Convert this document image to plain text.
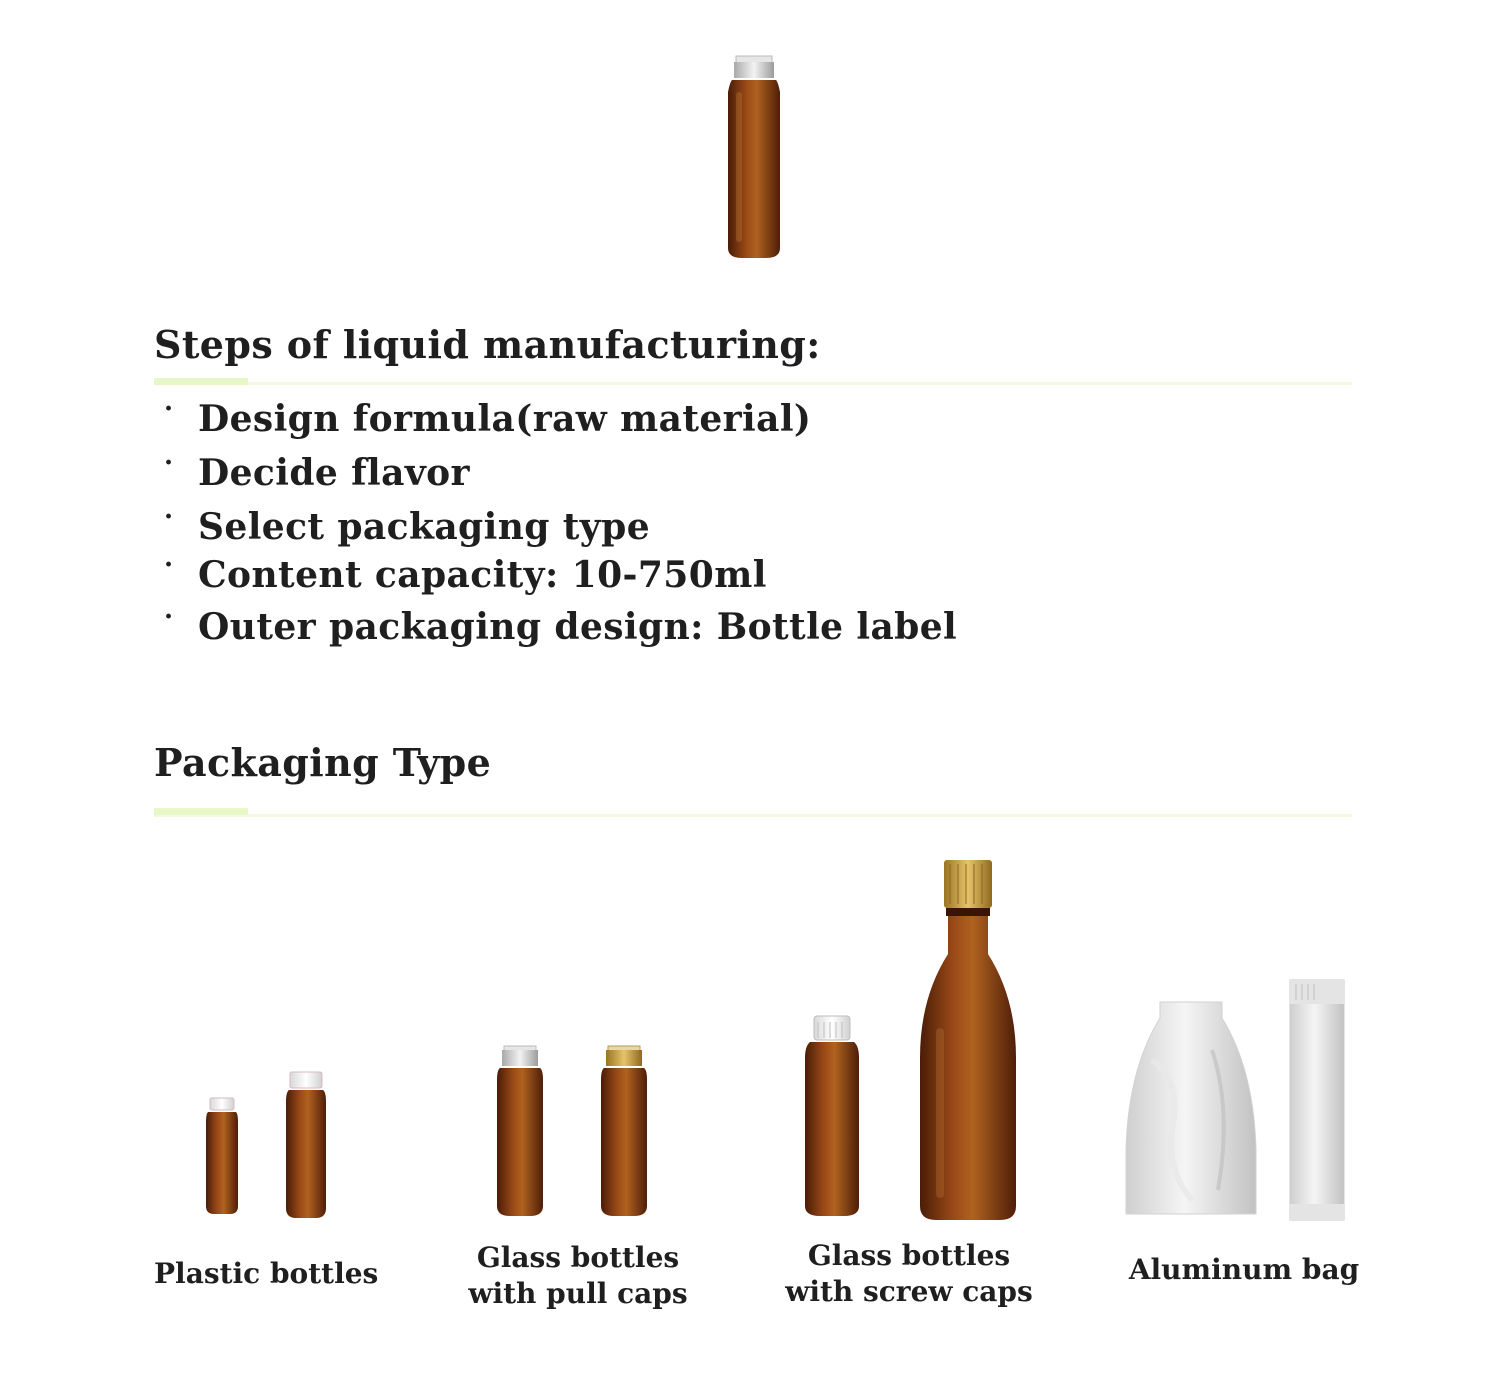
Steps of liquid manufacturing:
· Design formula(raw material)
· Decide flavor
· Select packaging type
· Content capacity: 10-750ml
· Outer packaging design: Bottle label
Packaging Type
Plastic bottles	Glass bottles
with pull caps
Glass bottles
with screw caps
Aluminum bag
